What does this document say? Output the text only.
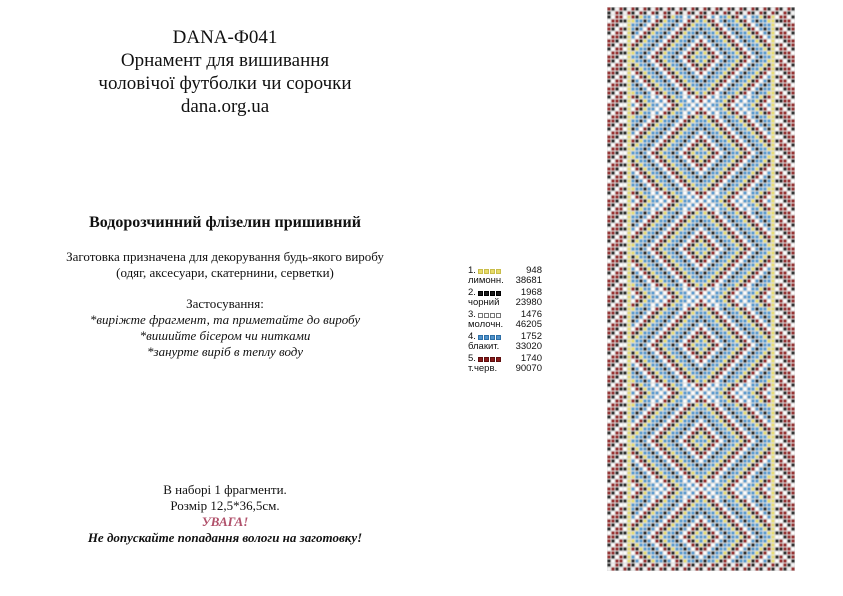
DANA-Ф041
Орнамент для вишивання
чоловічої футболки чи сорочки
dana.org.ua
Водорозчинний флізелин пришивний
Заготовка призначена для декорування будь-якого виробу
(одяг, аксесуари, скатернини, серветки)
Застосування:
*виріжте фрагмент, та приметайте до виробу
*вишийте бісером чи нитками
*занурте виріб в теплу воду
В наборі 1 фрагменти.
Розмір 12,5*36,5см.
УВАГА!
Не допускайте попадання вологи на заготовку!
1.	948
лимонн. 38681
2.	1968
чорний 23980
3.	1476
молочн. 46205
4.	1752
блакит. 33020
5.	1740
т.черв. 90070
